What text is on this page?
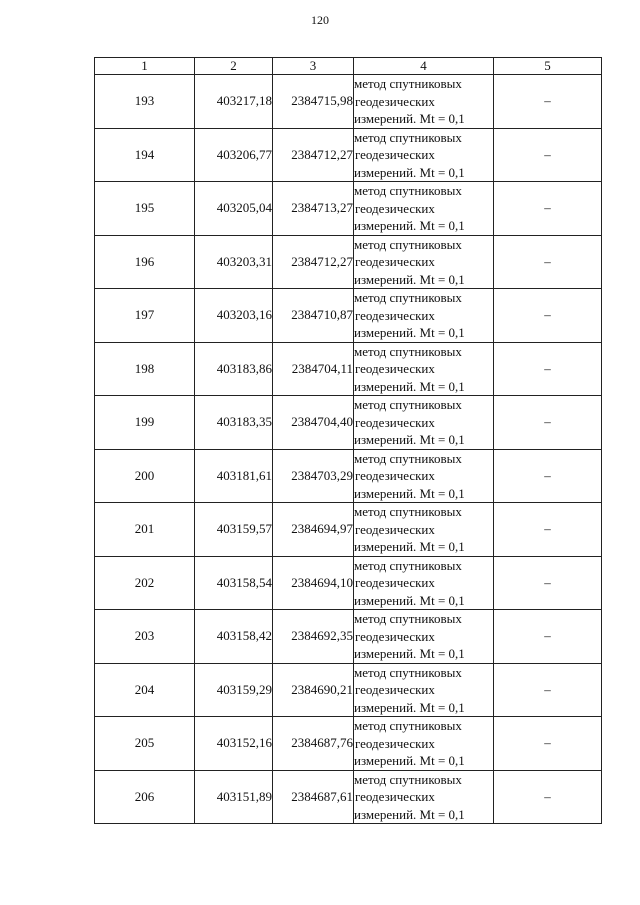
120
1	2	3	4	5
193	403217,18	2384715,98	метод спутниковых
геодезических
измерений. Mt = 0,1	–
194	403206,77	2384712,27	метод спутниковых
геодезических
измерений. Mt = 0,1	–
195	403205,04	2384713,27	метод спутниковых
геодезических
измерений. Mt = 0,1	–
196	403203,31	2384712,27	метод спутниковых
геодезических
измерений. Mt = 0,1	–
197	403203,16	2384710,87	метод спутниковых
геодезических
измерений. Mt = 0,1	–
198	403183,86	2384704,11	метод спутниковых
геодезических
измерений. Mt = 0,1	–
199	403183,35	2384704,40	метод спутниковых
геодезических
измерений. Mt = 0,1	–
200	403181,61	2384703,29	метод спутниковых
геодезических
измерений. Mt = 0,1	–
201	403159,57	2384694,97	метод спутниковых
геодезических
измерений. Mt = 0,1	–
202	403158,54	2384694,10	метод спутниковых
геодезических
измерений. Mt = 0,1	–
203	403158,42	2384692,35	метод спутниковых
геодезических
измерений. Mt = 0,1	–
204	403159,29	2384690,21	метод спутниковых
геодезических
измерений. Mt = 0,1	–
205	403152,16	2384687,76	метод спутниковых
геодезических
измерений. Mt = 0,1	–
206	403151,89	2384687,61	метод спутниковых
геодезических
измерений. Mt = 0,1	–
